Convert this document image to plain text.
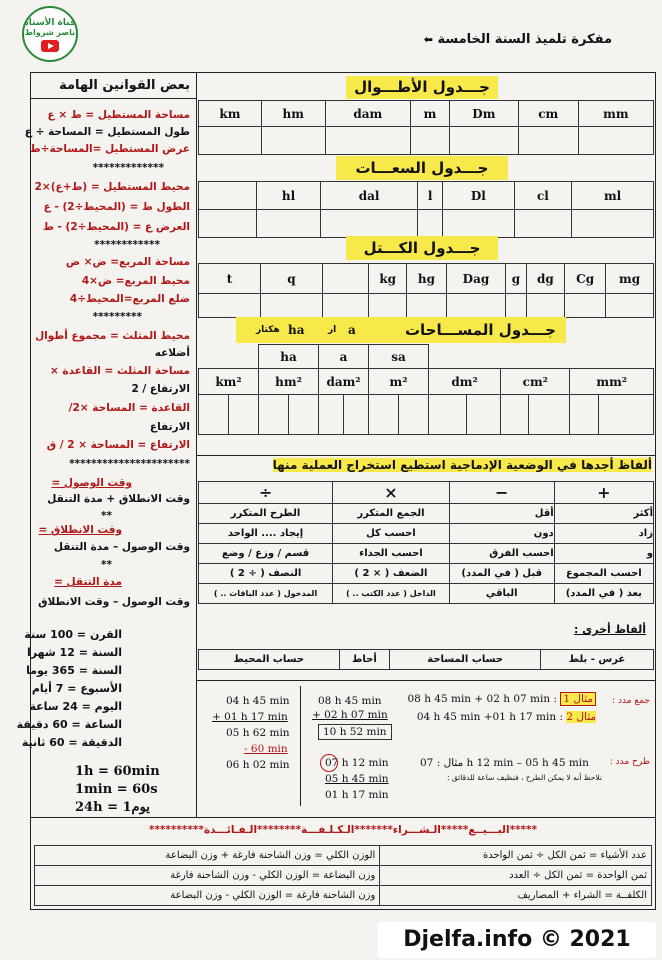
قناة الأستاذ
ناصر شرواط	مفكرة تلميذ السنة الخامسة ⬅
بعض القوانين الهامة
مساحة المستطيل = ط × ع
طول المستطيل = المساحة ÷ ع
عرض المستطيل =المساحة÷ط
*************
محيط المستطيل = (ط+ع)×2
الطول ط = (المحيط÷2) - ع
العرض ع = (المحيط÷2) - ط
************
مساحة المربع= ض× ض
محيط المربع= ض×4
ضلع المربع=المحيط÷4
*********
محيط المثلث = مجموع أطوال
أضلاعه
مساحة المثلث = القاعدة ×
الارتفاع / 2
القاعدة = المساحة ×2/
الارتفاع
الارتفاع = المساحة × 2 / ق
**********************
وقت الوصول =
وقت الانطلاق + مدة التنقل
**
وقت الانطلاق =
وقت الوصول – مدة التنقل
**
مدة التنقل =
وقت الوصول – وقت الانطلاق
القرن = 100 سنة
السنة = 12 شهرا
السنة = 365 يوما
الأسبوع = 7 أيام
اليوم = 24 ساعة
الساعة = 60 دقيقة
الدقيقة = 60 ثانية
1h = 60min
1min = 60s
24h = 1يوم
جـــدول الأطـــوال
km	hm	dam	m	Dm	cm	mm

جـــدول السعـــات
	hl	dal	l	Dl	cl	ml

جـــدول الكـــتل
t	q		kg	hg	Dag	g	dg	Cg	mg

جـــدول المســـاحات
هكتار ha	ار a
	ha	a	sa			
km²	hm²	dam²	m²	dm²	cm²	mm²

ألفاظ أجدها في الوضعية الإدماجية استطيع استخراج العملية منها
+	−	×	÷
أكثر	أقل	الجمع المتكرر	الطرح المتكرر
زاد	دون	احسب كل	إيجاد .... الواحد
و	احسب الفرق	احسب الجداء	قسم / وزع / وضع
احسب المجموع	قبل ( في المدد)	الضعف ( × 2 )	النصف ( ÷ 2 )
بعد ( في المدد)	الباقي	الداخل ( عدد الكتب .. )	المدخول ( عدد الباقات .. )
ألفاظ أخرى :
غرس - بلط	حساب المساحة	أحاط	حساب المحيط
جمع مدد :
مثال 1 08 h 45 min + 02 h 07 min :
مثال 2 04 h 45 min +01 h 17 min :
08 h 45 min
+ 02 h 07 min
10 h 52 min
04 h 45 min
+ 01 h 17 min
05 h 62 min
- 60 min
06 h 02 min	طرح مدد :
مثال : 07 h 12 min – 05 h 45 min
نلاحظ أنه لا يمكن الطرح ، فنظيف ساعة للدقائق :
07 h 12 min
05 h 45 min
01 h 17 min
*****البـــيــع*****الـشـــراء*******الـكـلـفـــة********الـفـائـــدة**********
عدد الأشياء = ثمن الكل ÷ ثمن الواحدة	الوزن الكلي = وزن الشاحنة فارغة + وزن البضاعة
ثمن الواحدة = ثمن الكل ÷ العدد	وزن البضاعة = الوزن الكلي - وزن الشاحنة فارغة
الكلفــة = الشراء + المصاريف	وزن الشاحنة فارغة = الوزن الكلي - وزن البضاعة
Djelfa.info © 2021
